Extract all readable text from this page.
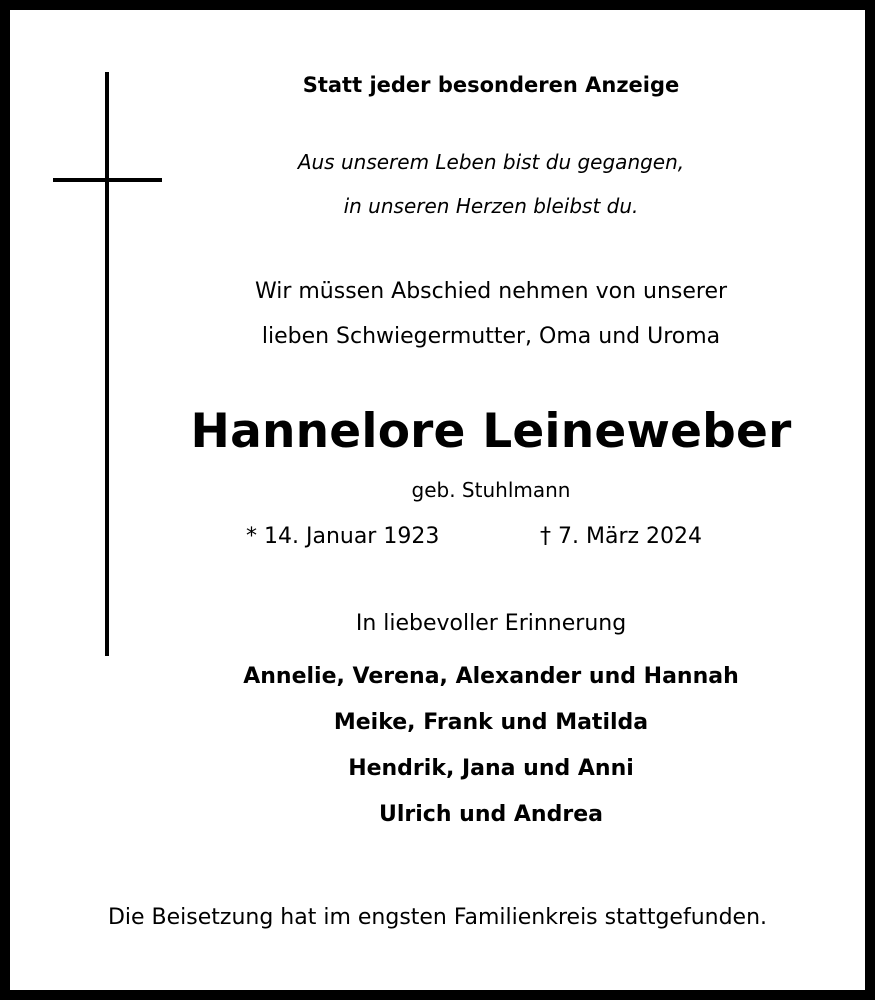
Statt jeder besonderen Anzeige
Aus unserem Leben bist du gegangen,
in unseren Herzen bleibst du.
Wir müssen Abschied nehmen von unserer
lieben Schwiegermutter, Oma und Uroma
Hannelore Leineweber
geb. Stuhlmann
* 14. Januar 1923	† 7. März 2024
In liebevoller Erinnerung
Annelie, Verena, Alexander und Hannah
Meike, Frank und Matilda
Hendrik, Jana und Anni
Ulrich und Andrea
Die Beisetzung hat im engsten Familienkreis stattgefunden.
